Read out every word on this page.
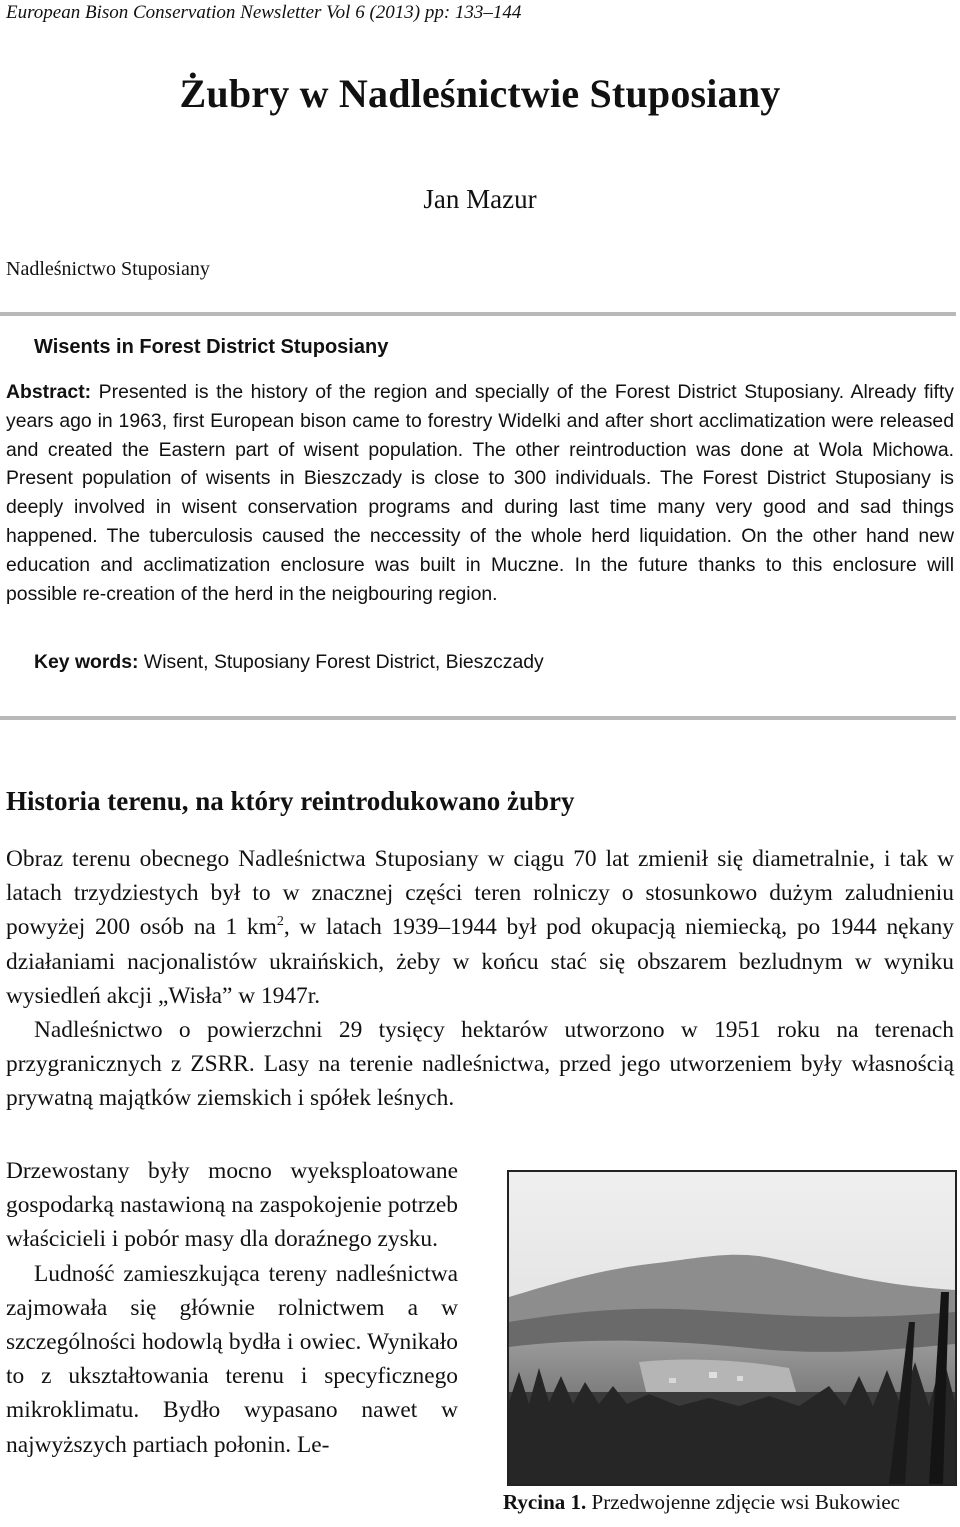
European Bison Conservation Newsletter Vol 6 (2013) pp: 133–144
Żubry w Nadleśnictwie Stuposiany
Jan Mazur
Nadleśnictwo Stuposiany
Wisents in Forest District Stuposiany
Abstract: Presented is the history of the region and specially of the Forest District Stuposiany. Already fifty years ago in 1963, first European bison came to forestry Widelki and after short acclimatization were released and created the Eastern part of wisent population. The other reintroduction was done at Wola Michowa. Present population of wisents in Bieszczady is close to 300 individuals. The Forest District Stuposiany is deeply involved in wisent conservation programs and during last time many very good and sad things happened. The tuberculosis caused the neccessity of the whole herd liquidation. On the other hand new education and acclimatization enclosure was built in Muczne. In the future thanks to this enclosure will possible re-creation of the herd in the neigbouring region.
Key words: Wisent, Stuposiany Forest District, Bieszczady
Historia terenu, na który reintrodukowano żubry

Obraz terenu obecnego Nadleśnictwa Stuposiany w ciągu 70 lat zmienił się diametralnie, i tak w latach trzydziestych był to w znacznej części teren rolniczy o stosunkowo dużym zaludnieniu powyżej 200 osób na 1 $km^2$, w latach 1939–1944 był pod okupacją niemiecką, po 1944 nękany działaniami nacjonalistów ukraińskich, żeby w końcu stać się obszarem bezludnym w wyniku wysiedleń akcji „Wisła” w 1947r.

Nadleśnictwo o powierzchni 29 tysięcy hektarów utworzono w 1951 roku na terenach przygranicznych z ZSRR. Lasy na terenie nadleśnictwa, przed jego utworzeniem były własnością prywatną majątków ziemskich i spółek leśnych.

Drzewostany były mocno wyeksploatowane gospodarką nastawioną na zaspokojenie potrzeb właścicieli i pobór masy dla doraźnego zysku.

Ludność zamieszkująca tereny nadleśnictwa zajmowała się głównie rolnictwem a w szczególności hodowlą bydła i owiec. Wynikało to z ukształtowania terenu i specyficznego mikroklimatu. Bydło wypasano nawet w najwyższych partiach połonin. Le-

Rycina 1. Przedwojenne zdjęcie wsi Bukowiec
